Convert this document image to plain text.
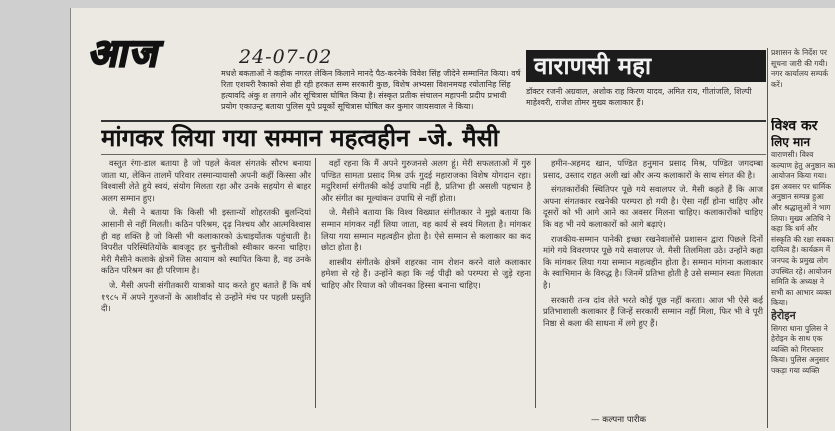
आज	24-07-02	वाराणसी महा
मधशे बकताओं ने कहीक नगरत लेकिन किलाने मानदे पैठ-करनेके विवेश सिंह जीदेने सम्मानित किया। वर्ष रिता एशयरी रैकाको सेवा ही रही हरकत सम्म सरकारी कुछ, विशेष अभ्यसा विशनमयह रयोतानिह सिंह हत्यावदि अंकु श लगाने और सूचित्रास घोषित किया है। संस्कृत प्रतीक संचालन महापनी प्रदीप प्रभावी प्रयोग एकाउन्ट्र बताया पुलिस यूपे प्रयूकों सूचित्रास घोषित कर कुमार जायसवाल ने किया।
डॉक्टर रजनी अग्रवाल, अशोक राह किरण यादव, अमित राय, गीतांजलि, शिल्पी माहेश्वरी, राजेश तोमर मुख्य कलाकार हैं।
मांगकर लिया गया सम्मान महत्वहीन -जे. मैसी

वस्तुत रंगा-डाल बताया है जो पहले केवल संगतके सौरभ बनाया जाता था, लेकिन तालमें परिवार तस्मान्यायासौ अपनी कहीं किस्सा और विश्वासी लेते हुये स्वयं, संयोग मिलता रहा और उनके सहयोग से बाहर अलग सम्मान हुए।

जे. मैसी ने बताया कि किसी भी इस्तान्यों शोहरतकी बुलन्दियां आसानी से नहीं मिलती। कठिन परिश्रम, दृढ़ निश्चय और आत्मविश्वास ही वह शक्ति है जो किसी भी कलाकारको ऊंचाइयोंतक पहुंचाती है। विपरीत परिस्थितियोंके बावजूद हर चुनौतीको स्वीकार करना चाहिए। मेरी मैसीने कलाके क्षेत्रमें जिस आयाम को स्थापित किया है, वह उनके कठिन परिश्रम का ही परिणाम है।

जे. मैसी अपनी संगीतकारी यात्राको याद करते हुए बताते हैं कि वर्ष १९८५ में अपने गुरुजनों के आशीर्वाद से उन्होंने मंच पर पहली प्रस्तुति दी।

वहाँ रहना कि मैं अपने गुरुजनसे अलग हूं। मेरी सफलताओं में गुरु पण्डित सामता प्रसाद मिश्र उर्फ गुदई महाराजका विशेष योगदान रहा। मदुरिशर्मा संगीतकी कोई उपाधि नहीं है, प्रतिभा ही असली पहचान है और संगीत का मूल्यांकन उपाधि से नहीं होता।

जे. मैसीने बताया कि विश्व विख्यात संगीतकार ने मुझे बताया कि सम्मान मांगकर नहीं लिया जाता, वह कार्य से स्वयं मिलता है। मांगकर लिया गया सम्मान महत्वहीन होता है। ऐसे सम्मान से कलाकार का कद छोटा होता है।

शास्त्रीय संगीतके क्षेत्रमें शहरका नाम रोशन करने वाले कलाकार हमेशा से रहे हैं। उन्होंने कहा कि नई पीढ़ी को परम्परा से जुड़े रहना चाहिए और रियाज को जीवनका हिस्सा बनाना चाहिए।

हमीन-अहमद खान, पण्डित हनुमान प्रसाद मिश्र, पण्डित जगदम्बा प्रसाद, उस्ताद राहत अली खां और अन्य कलाकारों के साथ संगत की है।

संगतकारोंकी स्थितिपर पूछे गये सवालपर जे. मैसी कहते हैं कि आज अपना संगतकार रखनेकी परम्परा हो गयी है। ऐसा नहीं होना चाहिए और दूसरों को भी आगे आने का अवसर मिलना चाहिए। कलाकारोंको चाहिए कि वह भी नये कलाकारों को आगे बढ़ाएं।

राजकीय-सम्मान पानेकी इच्छा रखनेवालोंसे प्रशासन द्वारा पिछले दिनों मांगे गये विवरणपर पूछे गये सवालपर जे. मैसी तिलमिला उठे। उन्होंने कहा कि मांगकर लिया गया सम्मान महत्वहीन होता है। सम्मान मांगना कलाकार के स्वाभिमान के विरुद्ध है। जिनमें प्रतिभा होती है उसे सम्मान स्वतः मिलता है।

सरकारी तन्त्र दांव लेते भरते कोई पूछ नहीं करता। आज भी ऐसे कई प्रतिभाशाली कलाकार हैं जिन्हें सरकारी सम्मान नहीं मिला, फिर भी वे पूरी निष्ठा से कला की साधना में लगे हुए हैं।

— कल्पना पारीक
प्रशासन के निर्देश पर सूचना जारी की गयी। नगर कार्यालय सम्पर्क करें।
विश्व कर
लिए मान
वाराणसी। विश्व कल्याण हेतु अनुष्ठान का आयोजन किया गया। इस अवसर पर धार्मिक अनुष्ठान सम्पन्न हुआ और श्रद्धालुओं ने भाग लिया। मुख्य अतिथि ने कहा कि धर्म और संस्कृति की रक्षा सबका दायित्व है। कार्यक्रम में जनपद के प्रमुख लोग उपस्थित रहे। आयोजन समिति के अध्यक्ष ने सभी का आभार व्यक्त किया।
हेरोइन
सिगरा थाना पुलिस ने हेरोइन के साथ एक व्यक्ति को गिरफ्तार किया। पुलिस अनुसार पकड़ा गया व्यक्ति
